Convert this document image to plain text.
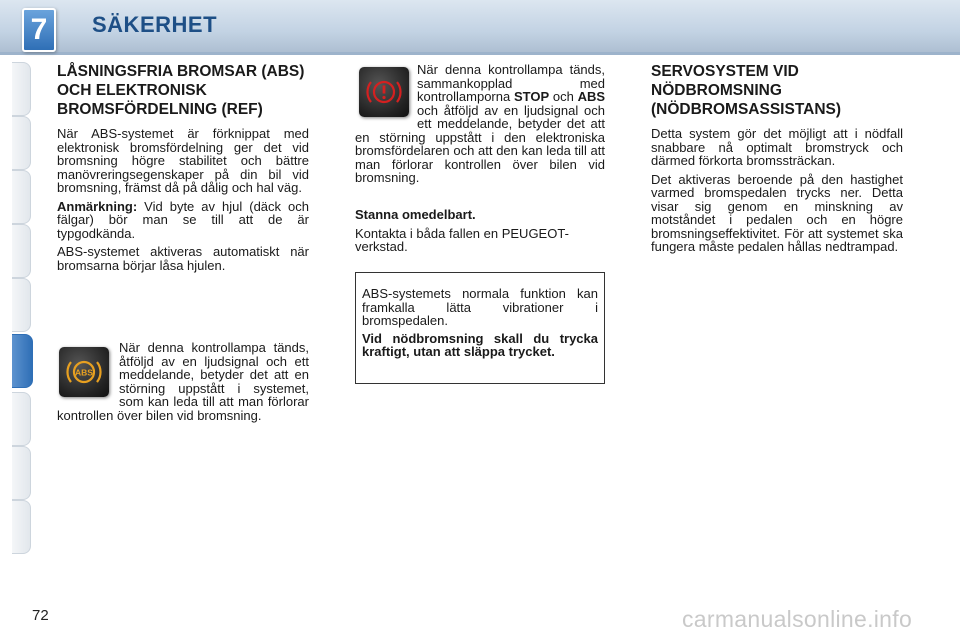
7	SÄKERHET
LÅSNINGSFRIA BROMSAR (ABS) OCH ELEKTRONISK BROMSFÖRDELNING (REF)

När ABS-systemet är förknippat med elektronisk bromsfördelning ger det vid bromsning högre stabilitet och bättre manövreringsegenskaper på din bil vid bromsning, främst då på dålig och hal väg.

Anmärkning: Vid byte av hjul (däck och fälgar) bör man se till att de är typgodkända.

ABS-systemet aktiveras automatiskt när bromsarna börjar låsa hjulen.

ABS

När denna kontrollampa tänds, åtföljd av en ljudsignal och ett meddelande, betyder det att en störning uppstått i systemet, som kan leda till att man förlorar kontrollen över bilen vid bromsning.

När denna kontrollampa tänds, sammankopplad med kontrollamporna STOP och ABS och åtföljd av en ljudsignal och ett meddelande, betyder det att en störning uppstått i den elektroniska bromsfördelaren och att den kan leda till att man förlorar kontrollen över bilen vid bromsning.

Stanna omedelbart.

Kontakta i båda fallen en PEUGEOT-verkstad.

ABS-systemets normala funktion kan framkalla lätta vibrationer i bromspedalen.

Vid nödbromsning skall du trycka kraftigt, utan att släppa trycket.

SERVOSYSTEM VID NÖDBROMSNING (NÖDBROMSASSISTANS)

Detta system gör det möjligt att i nödfall snabbare nå optimalt bromstryck och därmed förkorta bromssträckan.

Det aktiveras beroende på den hastighet varmed bromspedalen trycks ner. Detta visar sig genom en minskning av motståndet i pedalen och en högre bromsningseffektivitet. För att systemet ska fungera måste pedalen hållas nedtrampad.

72	carmanualsonline.info
